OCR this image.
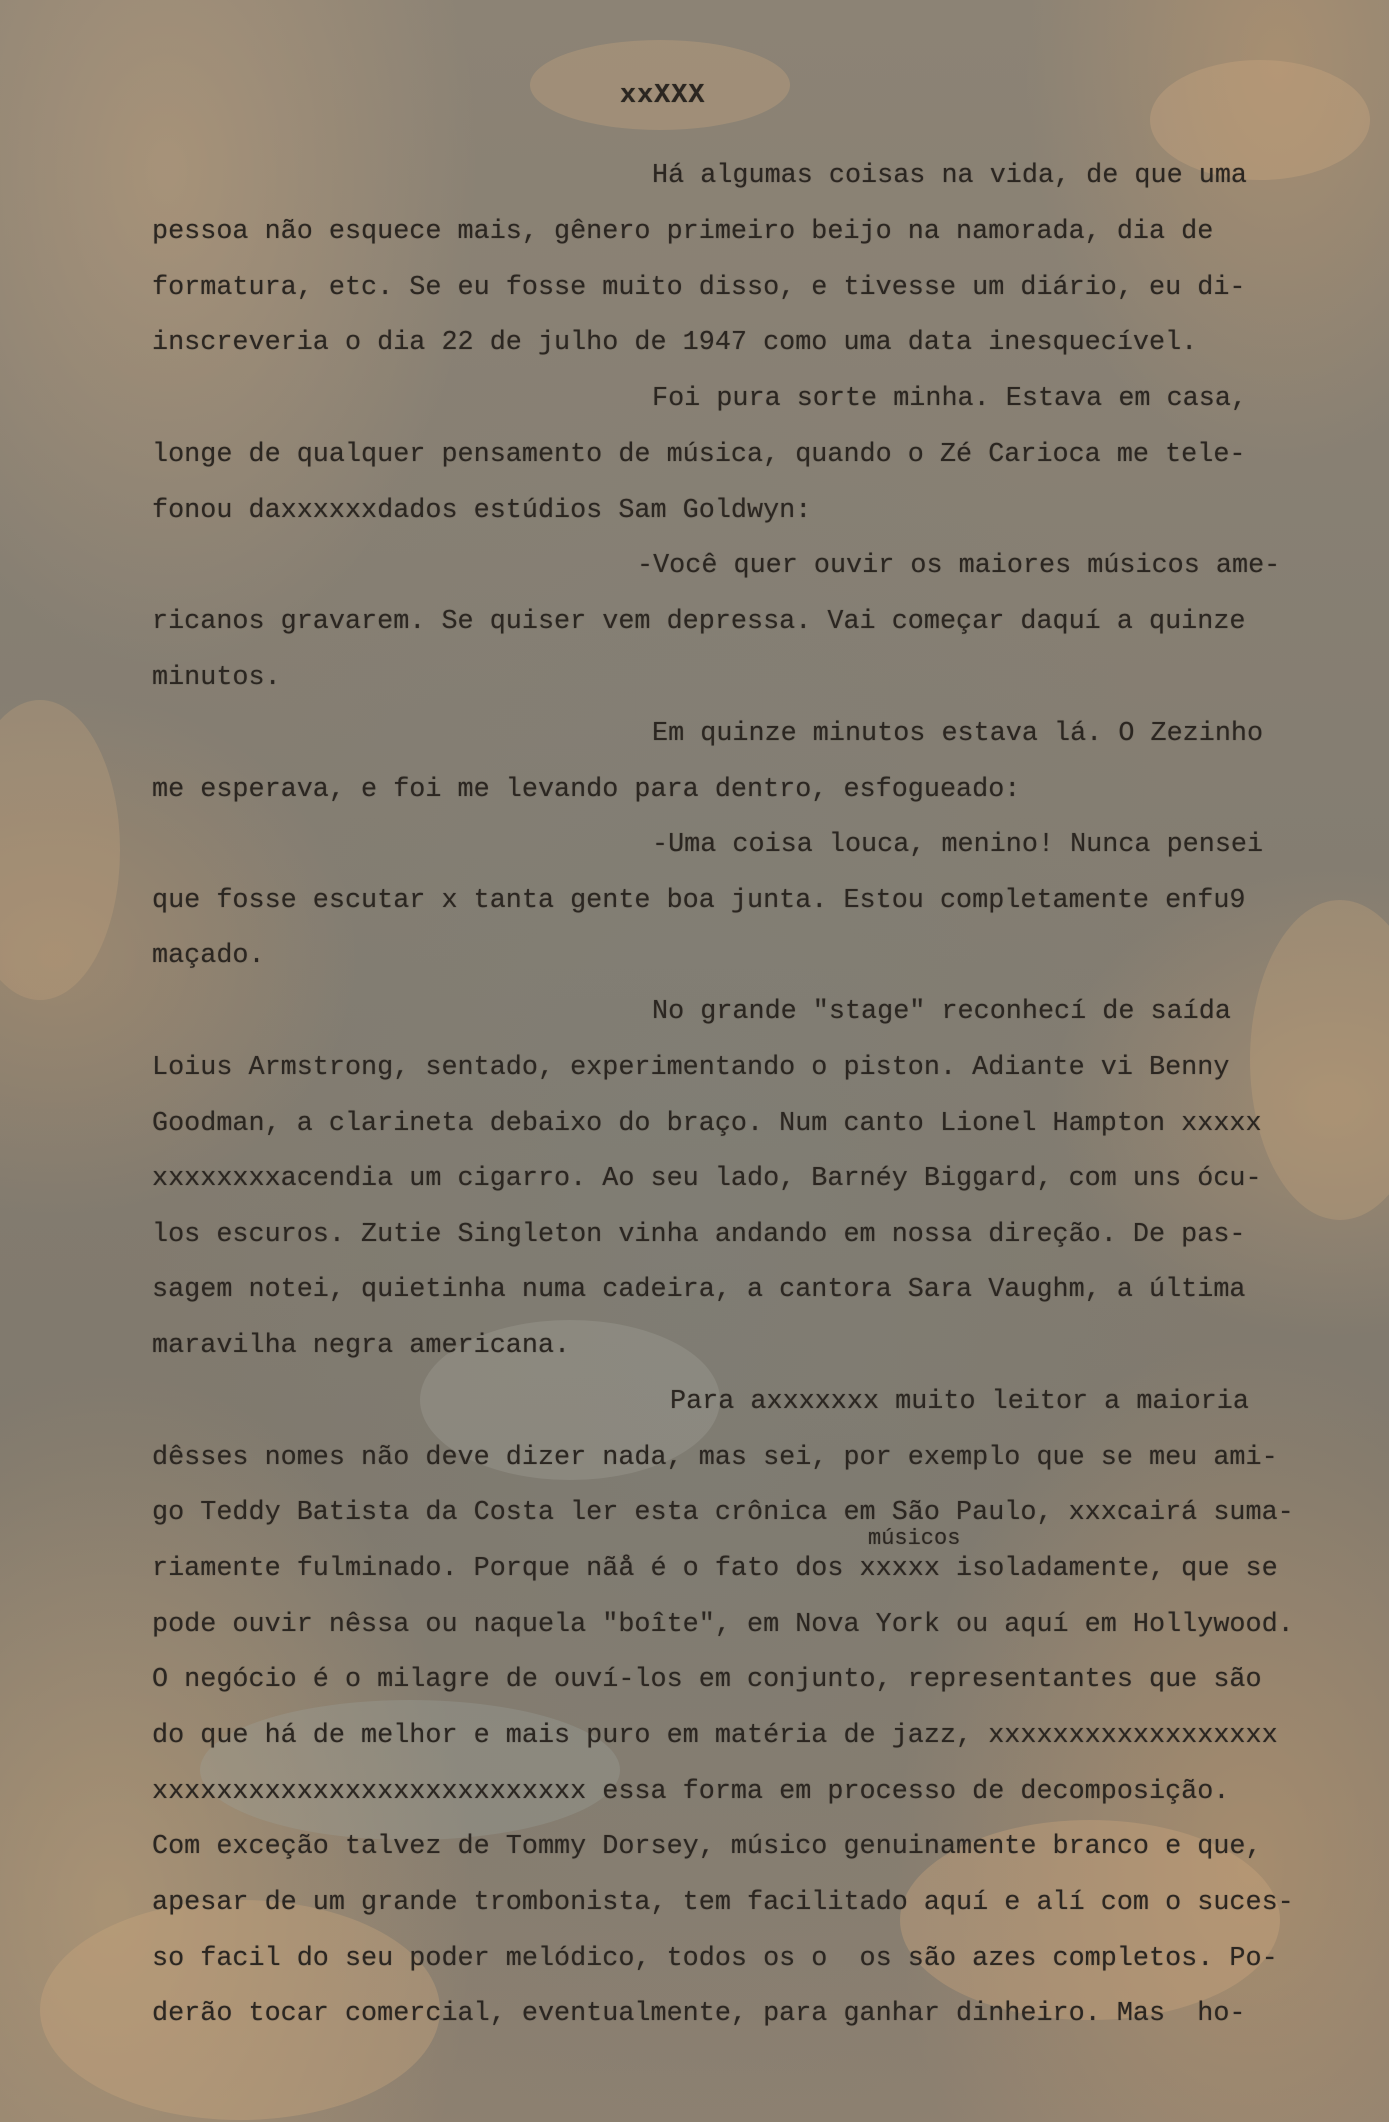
xxXXX

Há algumas coisas na vida, de que uma

pessoa não esquece mais, gênero primeiro beijo na namorada, dia de

formatura, etc. Se eu fosse muito disso, e tivesse um diário, eu di-

inscreveria o dia 22 de julho de 1947 como uma data inesquecível.

Foi pura sorte minha. Estava em casa,

longe de qualquer pensamento de música, quando o Zé Carioca me tele-

fonou daxxxxxxdados estúdios Sam Goldwyn:

-Você quer ouvir os maiores músicos ame-

ricanos gravarem. Se quiser vem depressa. Vai começar daquí a quinze

minutos.

Em quinze minutos estava lá. O Zezinho

me esperava, e foi me levando para dentro, esfogueado:

-Uma coisa louca, menino! Nunca pensei

que fosse escutar x tanta gente boa junta. Estou completamente enfu9

maçado.

No grande "stage" reconhecí de saída

Loius Armstrong, sentado, experimentando o piston. Adiante vi Benny

Goodman, a clarineta debaixo do braço. Num canto Lionel Hampton xxxxx

xxxxxxxxacendia um cigarro. Ao seu lado, Barnéy Biggard, com uns ócu-

los escuros. Zutie Singleton vinha andando em nossa direção. De pas-

sagem notei, quietinha numa cadeira, a cantora Sara Vaughm, a última

maravilha negra americana.

Para axxxxxxx muito leitor a maioria

dêsses nomes não deve dizer nada, mas sei, por exemplo que se meu ami-

go Teddy Batista da Costa ler esta crônica em São Paulo, xxxcairá suma-

músicos

riamente fulminado. Porque nãå é o fato dos xxxxx isoladamente, que se

pode ouvir nêssa ou naquela "boîte", em Nova York ou aquí em Hollywood.

O negócio é o milagre de ouví-los em conjunto, representantes que são

do que há de melhor e mais puro em matéria de jazz, xxxxxxxxxxxxxxxxxx

xxxxxxxxxxxxxxxxxxxxxxxxxxx essa forma em processo de decomposição.

Com exceção talvez de Tommy Dorsey, músico genuinamente branco e que,

apesar de um grande trombonista, tem facilitado aquí e alí com o suces-

so facil do seu poder melódico, todos os o  os são azes completos. Po-

derão tocar comercial, eventualmente, para ganhar dinheiro. Mas  ho-
